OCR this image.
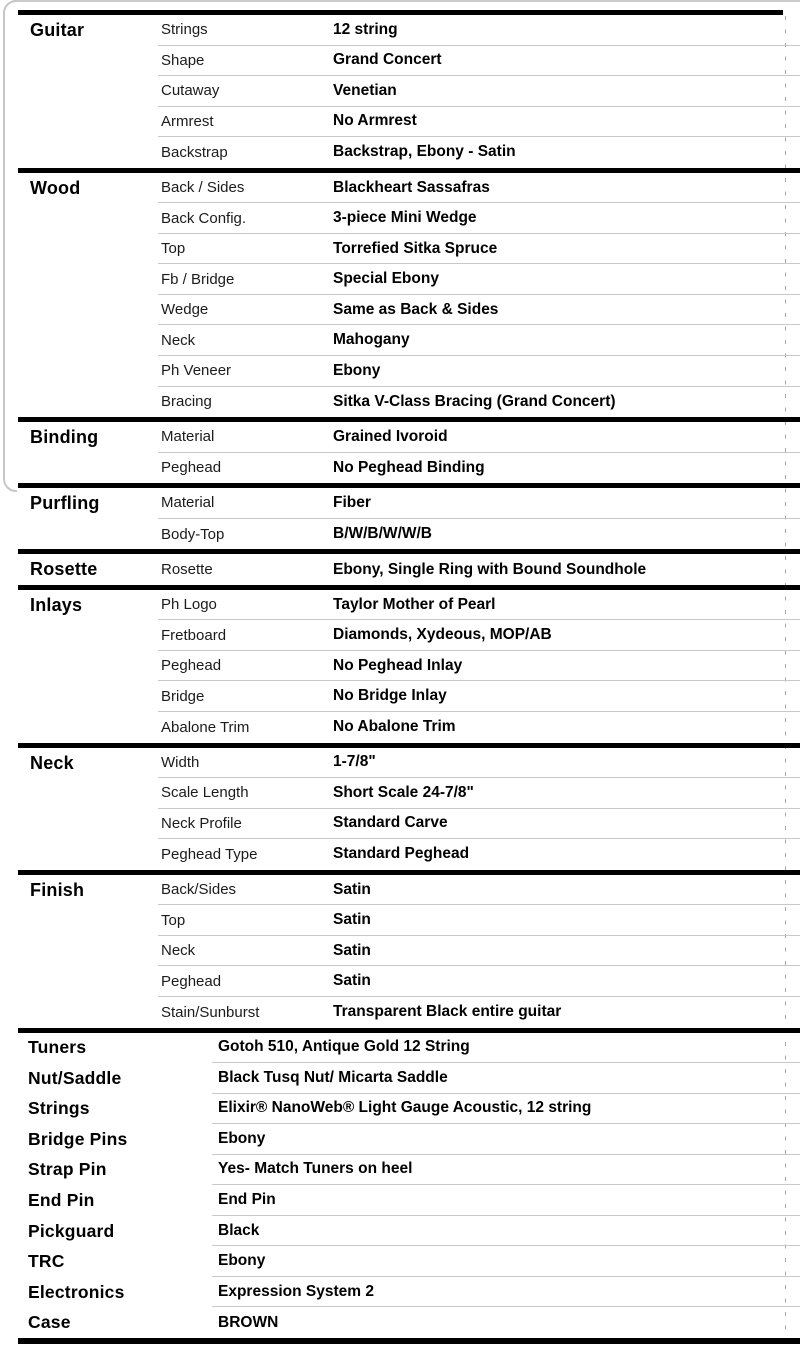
Guitar	Strings	12 string
Shape	Grand Concert
Cutaway	Venetian
Armrest	No Armrest
Backstrap	Backstrap, Ebony - Satin
Wood	Back / Sides	Blackheart Sassafras
Back Config.	3-piece Mini Wedge
Top	Torrefied Sitka Spruce
Fb / Bridge	Special Ebony
Wedge	Same as Back & Sides
Neck	Mahogany
Ph Veneer	Ebony
Bracing	Sitka V-Class Bracing (Grand Concert)
Binding	Material	Grained Ivoroid
Peghead	No Peghead Binding
Purfling	Material	Fiber
Body-Top	B/W/B/W/W/B
Rosette	Rosette	Ebony, Single Ring with Bound Soundhole
Inlays	Ph Logo	Taylor Mother of Pearl
Fretboard	Diamonds, Xydeous, MOP/AB
Peghead	No Peghead Inlay
Bridge	No Bridge Inlay
Abalone Trim	No Abalone Trim
Neck	Width	1-7/8"
Scale Length	Short Scale 24-7/8"
Neck Profile	Standard Carve
Peghead Type	Standard Peghead
Finish	Back/Sides	Satin
Top	Satin
Neck	Satin
Peghead	Satin
Stain/Sunburst	Transparent Black entire guitar
Tuners	Gotoh 510, Antique Gold 12 String
Nut/Saddle	Black Tusq Nut/ Micarta Saddle
Strings	Elixir® NanoWeb® Light Gauge Acoustic, 12 string
Bridge Pins	Ebony
Strap Pin	Yes- Match Tuners on heel
End Pin	End Pin
Pickguard	Black
TRC	Ebony
Electronics	Expression System 2
Case	BROWN
